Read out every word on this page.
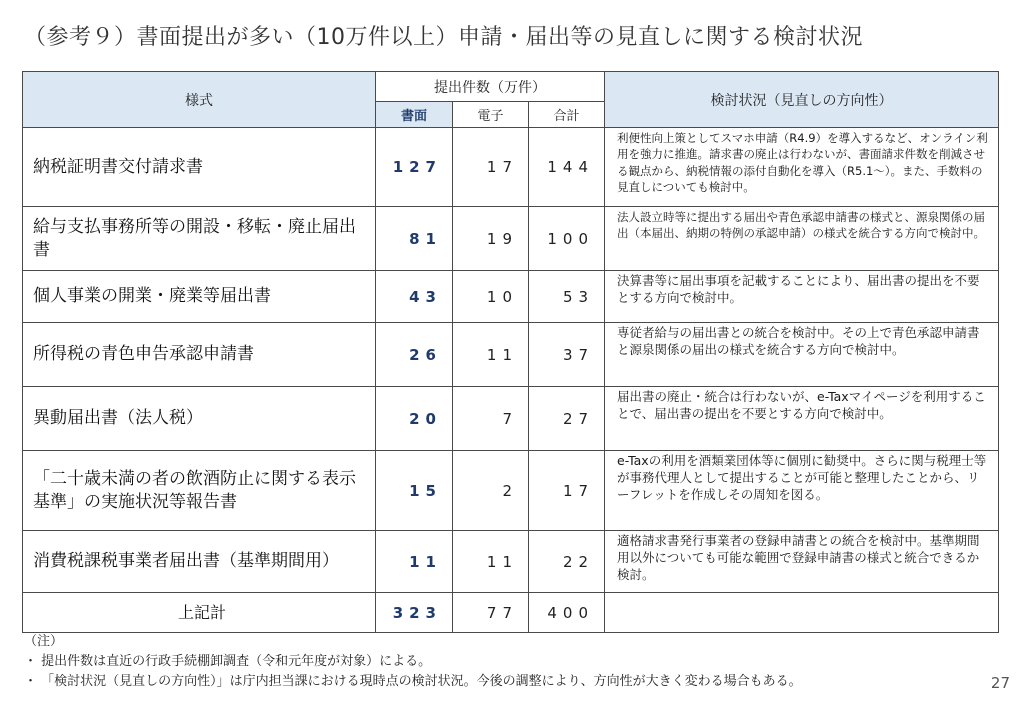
（参考９）書面提出が多い（10万件以上）申請・届出等の見直しに関する検討状況
様式	提出件数（万件）			検討状況（見直しの方向性）
	書面	電子	合計	
納税証明書交付請求書	127	17	144	利便性向上策としてスマホ申請（R4.9）を導入するなど、オンライン利用を強力に推進。請求書の廃止は行わないが、書面請求件数を削減させる観点から、納税情報の添付自動化を導入（R5.1～）。また、手数料の見直しについても検討中。
給与支払事務所等の開設・移転・廃止届出書	81	19	100	法人設立時等に提出する届出や青色承認申請書の様式と、源泉関係の届出（本届出、納期の特例の承認申請）の様式を統合する方向で検討中。
個人事業の開業・廃業等届出書	43	10	53	決算書等に届出事項を記載することにより、届出書の提出を不要とする方向で検討中。
所得税の青色申告承認申請書	26	11	37	専従者給与の届出書との統合を検討中。その上で青色承認申請書と源泉関係の届出の様式を統合する方向で検討中。
異動届出書（法人税）	20	7	27	届出書の廃止・統合は行わないが、e-Taxマイページを利用することで、届出書の提出を不要とする方向で検討中。
「二十歳未満の者の飲酒防止に関する表示基準」の実施状況等報告書	15	2	17	e-Taxの利用を酒類業団体等に個別に勧奨中。さらに関与税理士等が事務代理人として提出することが可能と整理したことから、リーフレットを作成しその周知を図る。
消費税課税事業者届出書（基準期間用）	11	11	22	適格請求書発行事業者の登録申請書との統合を検討中。基準期間用以外についても可能な範囲で登録申請書の様式と統合できるか検討。
上記計	323	77	400	
（注）
・ 提出件数は直近の行政手続棚卸調査（令和元年度が対象）による。
・ 「検討状況（見直しの方向性）」は庁内担当課における現時点の検討状況。今後の調整により、方向性が大きく変わる場合もある。	27
